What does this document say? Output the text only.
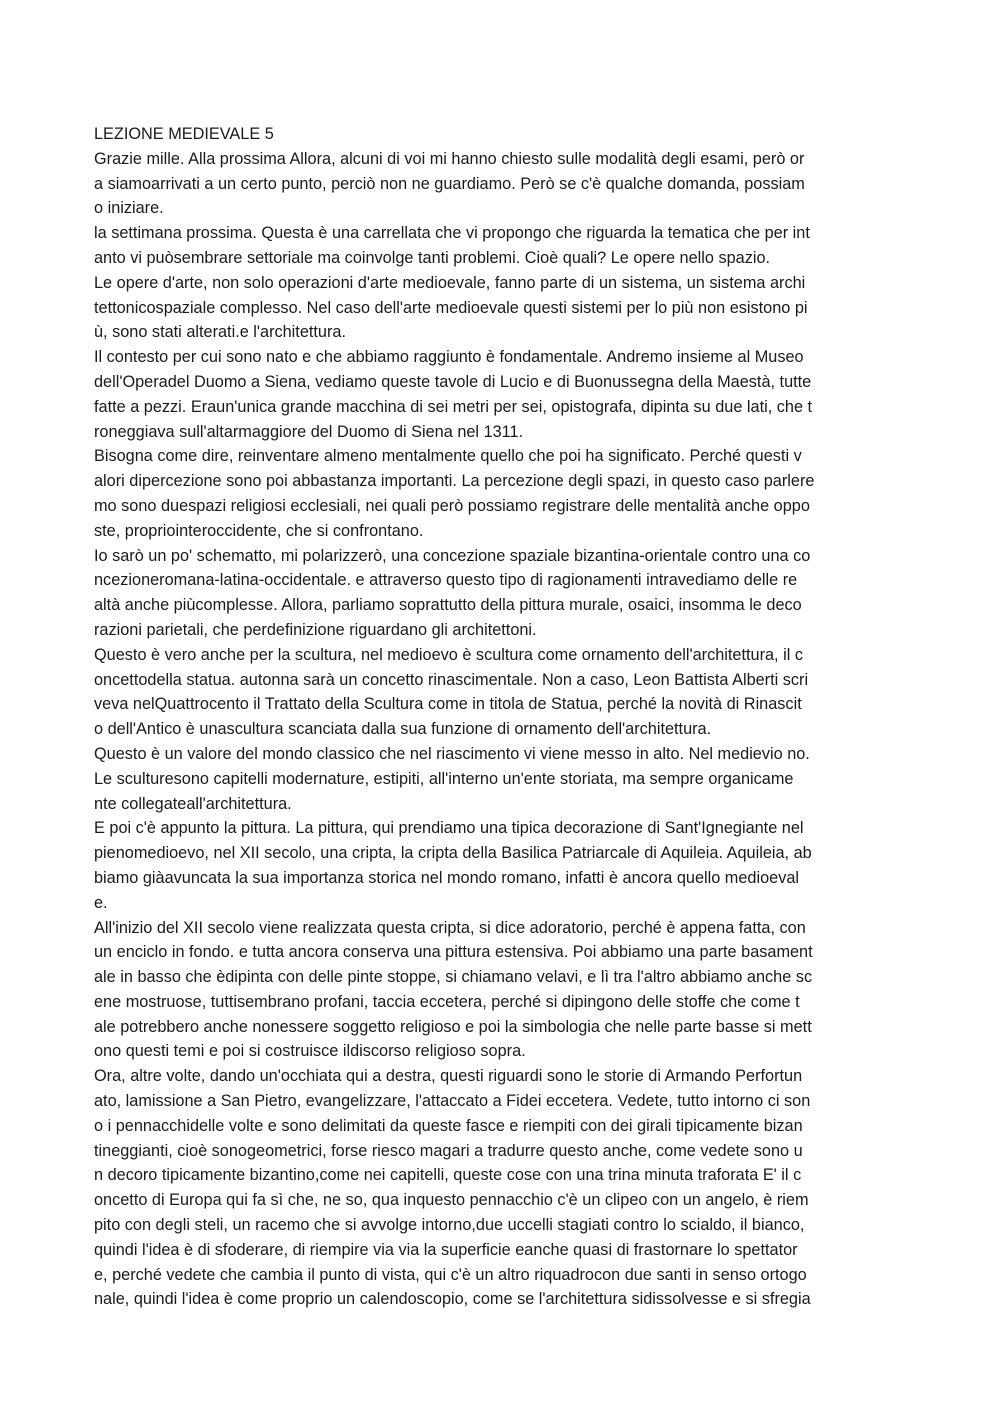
LEZIONE MEDIEVALE 5
Grazie mille. Alla prossima Allora, alcuni di voi mi hanno chiesto sulle modalità degli esami, però or
a siamoarrivati a un certo punto, perciò non ne guardiamo. Però se c'è qualche domanda, possiam
o iniziare.
la settimana prossima. Questa è una carrellata che vi propongo che riguarda la tematica che per int
anto vi puòsembrare settoriale ma coinvolge tanti problemi. Cioè quali? Le opere nello spazio.
Le opere d'arte, non solo operazioni d'arte medioevale, fanno parte di un sistema, un sistema archi
tettonicospaziale complesso. Nel caso dell'arte medioevale questi sistemi per lo più non esistono pi
ù, sono stati alterati.e l'architettura.
Il contesto per cui sono nato e che abbiamo raggiunto è fondamentale. Andremo insieme al Museo
dell'Operadel Duomo a Siena, vediamo queste tavole di Lucio e di Buonussegna della Maestà, tutte
fatte a pezzi. Eraun'unica grande macchina di sei metri per sei, opistografa, dipinta su due lati, che t
roneggiava sull'altarmaggiore del Duomo di Siena nel 1311.
Bisogna come dire, reinventare almeno mentalmente quello che poi ha significato. Perché questi v
alori dipercezione sono poi abbastanza importanti. La percezione degli spazi, in questo caso parlere
mo sono duespazi religiosi ecclesiali, nei quali però possiamo registrare delle mentalità anche oppo
ste, propriointeroccidente, che si confrontano.
Io sarò un po' schematto, mi polarizzerò, una concezione spaziale bizantina-orientale contro una co
ncezioneromana-latina-occidentale. e attraverso questo tipo di ragionamenti intravediamo delle re
altà anche piùcomplesse. Allora, parliamo soprattutto della pittura murale, osaici, insomma le deco
razioni parietali, che perdefinizione riguardano gli architettoni.
Questo è vero anche per la scultura, nel medioevo è scultura come ornamento dell'architettura, il c
oncettodella statua. autonna sarà un concetto rinascimentale. Non a caso, Leon Battista Alberti scri
veva nelQuattrocento il Trattato della Scultura come in titola de Statua, perché la novità di Rinascit
o dell'Antico è unascultura scanciata dalla sua funzione di ornamento dell'architettura.
Questo è un valore del mondo classico che nel riascimento vi viene messo in alto. Nel medievio no.
Le sculturesono capitelli modernature, estipiti, all'interno un'ente storiata, ma sempre organicame
nte collegateall'architettura.
E poi c'è appunto la pittura. La pittura, qui prendiamo una tipica decorazione di Sant'Ignegiante nel
pienomedioevo, nel XII secolo, una cripta, la cripta della Basilica Patriarcale di Aquileia. Aquileia, ab
biamo giàavuncata la sua importanza storica nel mondo romano, infatti è ancora quello medioeval
e.
All'inizio del XII secolo viene realizzata questa cripta, si dice adoratorio, perché è appena fatta, con
un enciclo in fondo. e tutta ancora conserva una pittura estensiva. Poi abbiamo una parte basament
ale in basso che èdipinta con delle pinte stoppe, si chiamano velavi, e lì tra l'altro abbiamo anche sc
ene mostruose, tuttisembrano profani, taccia eccetera, perché si dipingono delle stoffe che come t
ale potrebbero anche nonessere soggetto religioso e poi la simbologia che nelle parte basse si mett
ono questi temi e poi si costruisce ildiscorso religioso sopra.
Ora, altre volte, dando un'occhiata qui a destra, questi riguardi sono le storie di Armando Perfortun
ato, lamissione a San Pietro, evangelizzare, l'attaccato a Fidei eccetera. Vedete, tutto intorno ci son
o i pennacchidelle volte e sono delimitati da queste fasce e riempiti con dei girali tipicamente bizan
tineggianti, cioè sonogeometrici, forse riesco magari a tradurre questo anche, come vedete sono u
n decoro tipicamente bizantino,come nei capitelli, queste cose con una trina minuta traforata E' il c
oncetto di Europa qui fa sì che, ne so, qua inquesto pennacchio c'è un clipeo con un angelo, è riem
pito con degli steli, un racemo che si avvolge intorno,due uccelli stagiati contro lo scialdo, il bianco,
quindi l'idea è di sfoderare, di riempire via via la superficie eanche quasi di frastornare lo spettator
e, perché vedete che cambia il punto di vista, qui c'è un altro riquadrocon due santi in senso ortogo
nale, quindi l'idea è come proprio un calendoscopio, come se l'architettura sidissolvesse e si sfregia
